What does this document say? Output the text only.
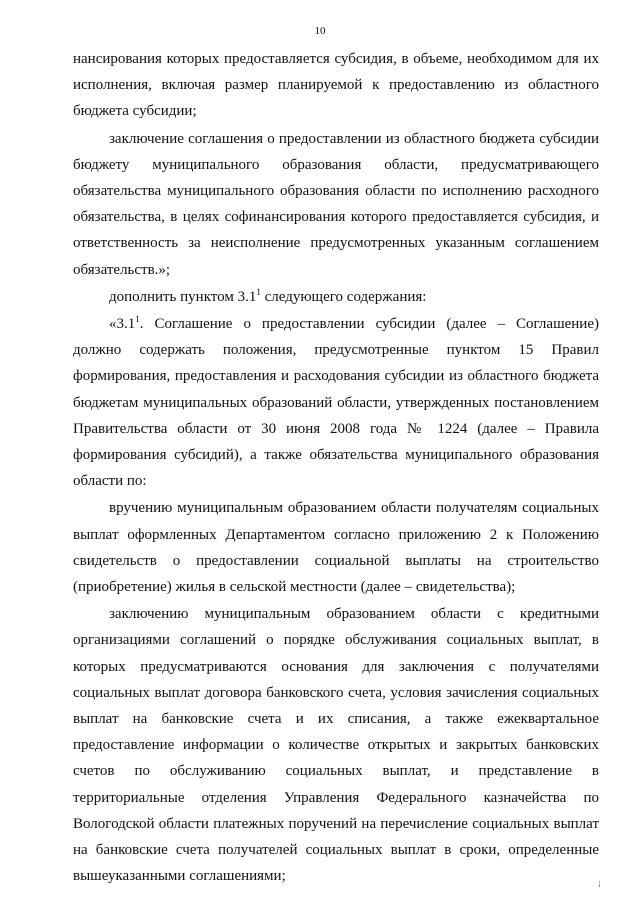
10

нансирования которых предоставляется субсидия, в объеме, необходимом для их исполнения, включая размер планируемой к предоставлению из областного бюджета субсидии;

заключение соглашения о предоставлении из областного бюджета субсидии бюджету муниципального образования области, предусматривающего обязательства муниципального образования области по исполнению расходного обязательства, в целях софинансирования которого предоставляется субсидия, и ответственность за неисполнение предусмотренных указанным соглашением обязательств.»;

дополнить пунктом $3.1^1$ следующего содержания:

«$3.1^1$. Соглашение о предоставлении субсидии (далее – Соглашение) должно содержать положения, предусмотренные пунктом 15 Правил формирования, предоставления и расходования субсидии из областного бюджета бюджетам муниципальных образований области, утвержденных постановлением Правительства области от 30 июня 2008 года № 1224 (далее – Правила формирования субсидий), а также обязательства муниципального образования области по:

вручению муниципальным образованием области получателям социальных выплат оформленных Департаментом согласно приложению 2 к Положению свидетельств о предоставлении социальной выплаты на строительство (приобретение) жилья в сельской местности (далее – свидетельства);

заключению муниципальным образованием области с кредитными организациями соглашений о порядке обслуживания социальных выплат, в которых предусматриваются основания для заключения с получателями социальных выплат договора банковского счета, условия зачисления социальных выплат на банковские счета и их списания, а также ежеквартальное предоставление информации о количестве открытых и закрытых банковских счетов по обслуживанию социальных выплат, и представление в территориальные отделения Управления Федерального казначейства по Вологодской области платежных поручений на перечисление социальных выплат на банковские счета получателей социальных выплат в сроки, определенные вышеуказанными соглашениями;	¡
